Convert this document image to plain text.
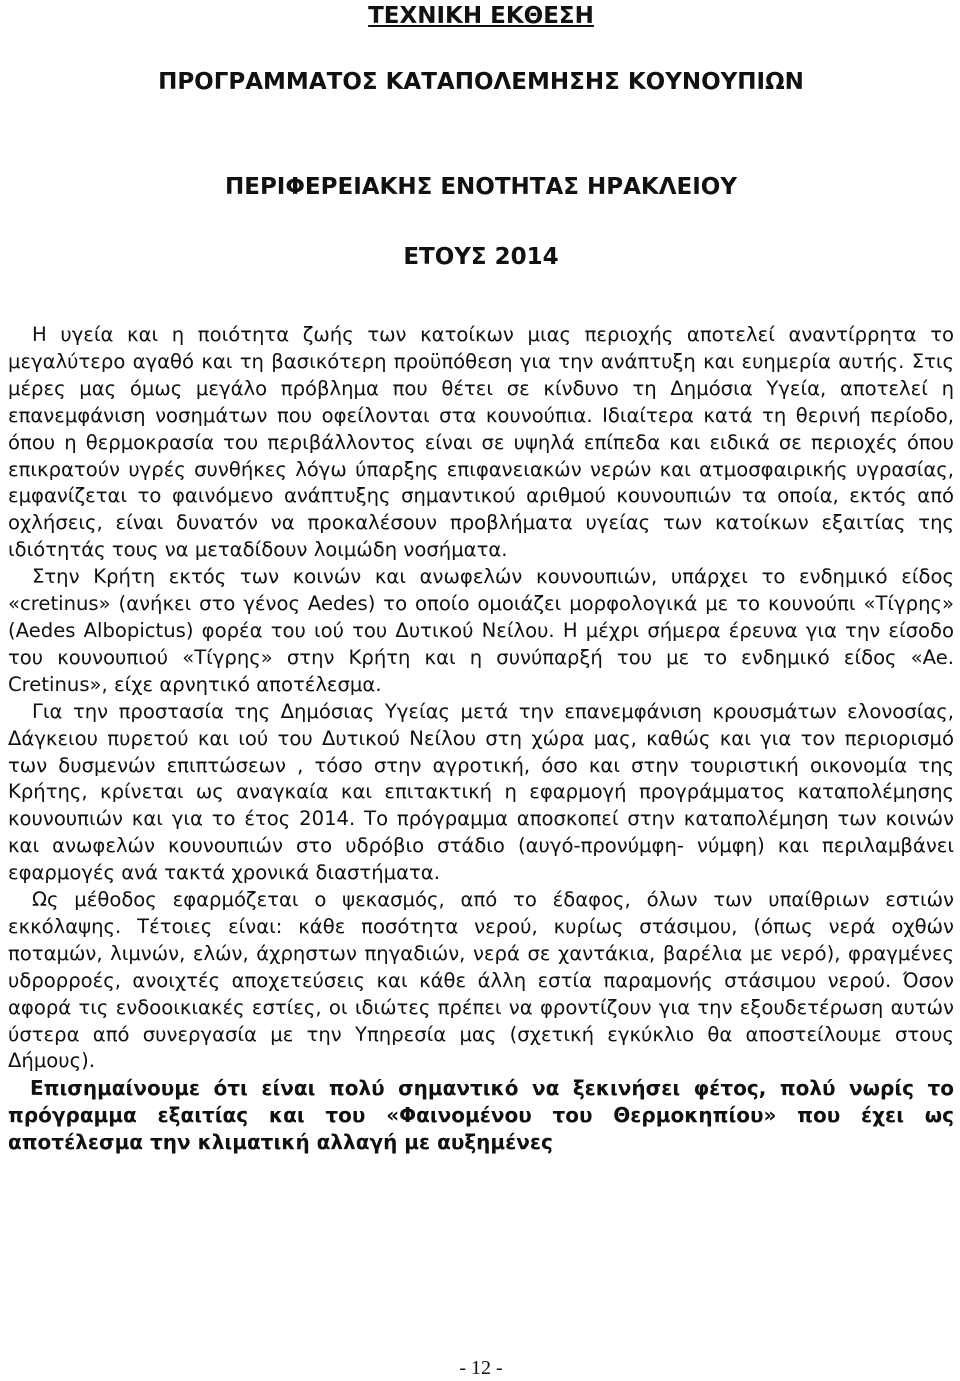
ΤΕΧΝΙΚΗ ΕΚΘΕΣΗ
ΠΡΟΓΡΑΜΜΑΤΟΣ ΚΑΤΑΠΟΛΕΜΗΣΗΣ ΚΟΥΝΟΥΠΙΩΝ
ΠΕΡΙΦΕΡΕΙΑΚΗΣ ΕΝΟΤΗΤΑΣ ΗΡΑΚΛΕΙΟΥ
ΕΤΟΥΣ 2014

Η υγεία και η ποιότητα ζωής των κατοίκων μιας περιοχής αποτελεί αναντίρρητα το μεγαλύτερο αγαθό και τη βασικότερη προϋπόθεση για την ανάπτυξη και ευημερία αυτής. Στις μέρες μας όμως μεγάλο πρόβλημα που θέτει σε κίνδυνο τη Δημόσια Υγεία, αποτελεί η επανεμφάνιση νοσημάτων που οφείλονται στα κουνούπια. Ιδιαίτερα κατά τη θερινή περίοδο, όπου η θερμοκρασία του περιβάλλοντος είναι σε υψηλά επίπεδα και ειδικά σε περιοχές όπου επικρατούν υγρές συνθήκες λόγω ύπαρξης επιφανειακών νερών και ατμοσφαιρικής υγρασίας, εμφανίζεται το φαινόμενο ανάπτυξης σημαντικού αριθμού κουνουπιών τα οποία, εκτός από οχλήσεις, είναι δυνατόν να προκαλέσουν προβλήματα υγείας των κατοίκων εξαιτίας της ιδιότητάς τους να μεταδίδουν λοιμώδη νοσήματα.

Στην Κρήτη εκτός των κοινών και ανωφελών κουνουπιών, υπάρχει το ενδημικό είδος «cretinus» (ανήκει στο γένος Aedes) το οποίο ομοιάζει μορφολογικά με το κουνούπι «Τίγρης» (Aedes Albopictus) φορέα του ιού του Δυτικού Νείλου. Η μέχρι σήμερα έρευνα για την είσοδο του κουνουπιού «Τίγρης» στην Κρήτη και η συνύπαρξή του με το ενδημικό είδος «Ae. Cretinus», είχε αρνητικό αποτέλεσμα.

Για την προστασία της Δημόσιας Υγείας μετά την επανεμφάνιση κρουσμάτων ελονοσίας, Δάγκειου πυρετού και ιού του Δυτικού Νείλου στη χώρα μας, καθώς και για τον περιορισμό των δυσμενών επιπτώσεων , τόσο στην αγροτική, όσο και στην τουριστική οικονομία της Κρήτης, κρίνεται ως αναγκαία και επιτακτική η εφαρμογή προγράμματος καταπολέμησης κουνουπιών και για το έτος 2014. Το πρόγραμμα αποσκοπεί στην καταπολέμηση των κοινών και ανωφελών κουνουπιών στο υδρόβιο στάδιο (αυγό-προνύμφη- νύμφη) και περιλαμβάνει εφαρμογές ανά τακτά χρονικά διαστήματα.

Ως μέθοδος εφαρμόζεται ο ψεκασμός, από το έδαφος, όλων των υπαίθριων εστιών εκκόλαψης. Τέτοιες είναι: κάθε ποσότητα νερού, κυρίως στάσιμου, (όπως νερά οχθών ποταμών, λιμνών, ελών, άχρηστων πηγαδιών, νερά σε χαντάκια, βαρέλια με νερό), φραγμένες υδρορροές, ανοιχτές αποχετεύσεις και κάθε άλλη εστία παραμονής στάσιμου νερού. Όσον αφορά τις ενδοοικιακές εστίες, οι ιδιώτες πρέπει να φροντίζουν για την εξουδετέρωση αυτών ύστερα από συνεργασία με την Υπηρεσία μας (σχετική εγκύκλιο θα αποστείλουμε στους Δήμους).

Επισημαίνουμε ότι είναι πολύ σημαντικό να ξεκινήσει φέτος, πολύ νωρίς το πρόγραμμα εξαιτίας και του «Φαινομένου του Θερμοκηπίου» που έχει ως αποτέλεσμα την κλιματική αλλαγή με αυξημένες

- 12 -
